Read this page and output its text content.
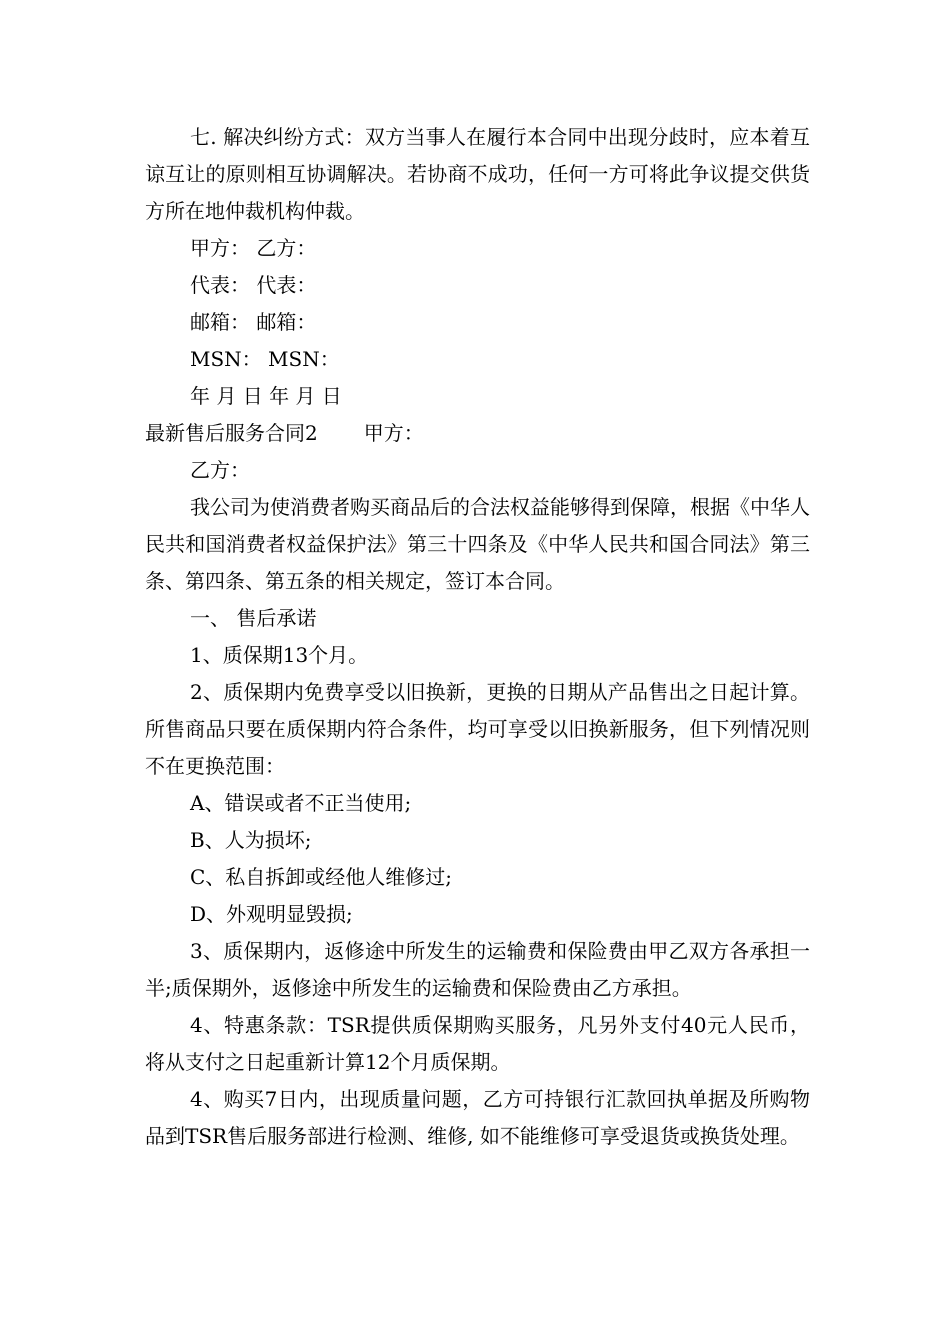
七. 解决纠纷方式：双方当事人在履行本合同中出现分歧时，应本着互谅互让的原则相互协调解决。若协商不成功，任何一方可将此争议提交供货方所在地仲裁机构仲裁。

甲方： 乙方：

代表： 代表：

邮箱： 邮箱：

MSN： MSN：

年 月 日 年 月 日

最新售后服务合同2 甲方：

乙方：

我公司为使消费者购买商品后的合法权益能够得到保障，根据《中华人民共和国消费者权益保护法》第三十四条及《中华人民共和国合同法》第三条、第四条、第五条的相关规定，签订本合同。

一、 售后承诺

1、质保期13个月。

2、质保期内免费享受以旧换新，更换的日期从产品售出之日起计算。所售商品只要在质保期内符合条件，均可享受以旧换新服务，但下列情况则不在更换范围：

A、错误或者不正当使用;

B、人为损坏;

C、私自拆卸或经他人维修过;

D、外观明显毁损;

3、质保期内，返修途中所发生的运输费和保险费由甲乙双方各承担一半;质保期外，返修途中所发生的运输费和保险费由乙方承担。

4、特惠条款：TSR提供质保期购买服务，凡另外支付40元人民币，将从支付之日起重新计算12个月质保期。

4、购买7日内，出现质量问题，乙方可持银行汇款回执单据及所购物品到TSR售后服务部进行检测、维修, 如不能维修可享受退货或换货处理。
